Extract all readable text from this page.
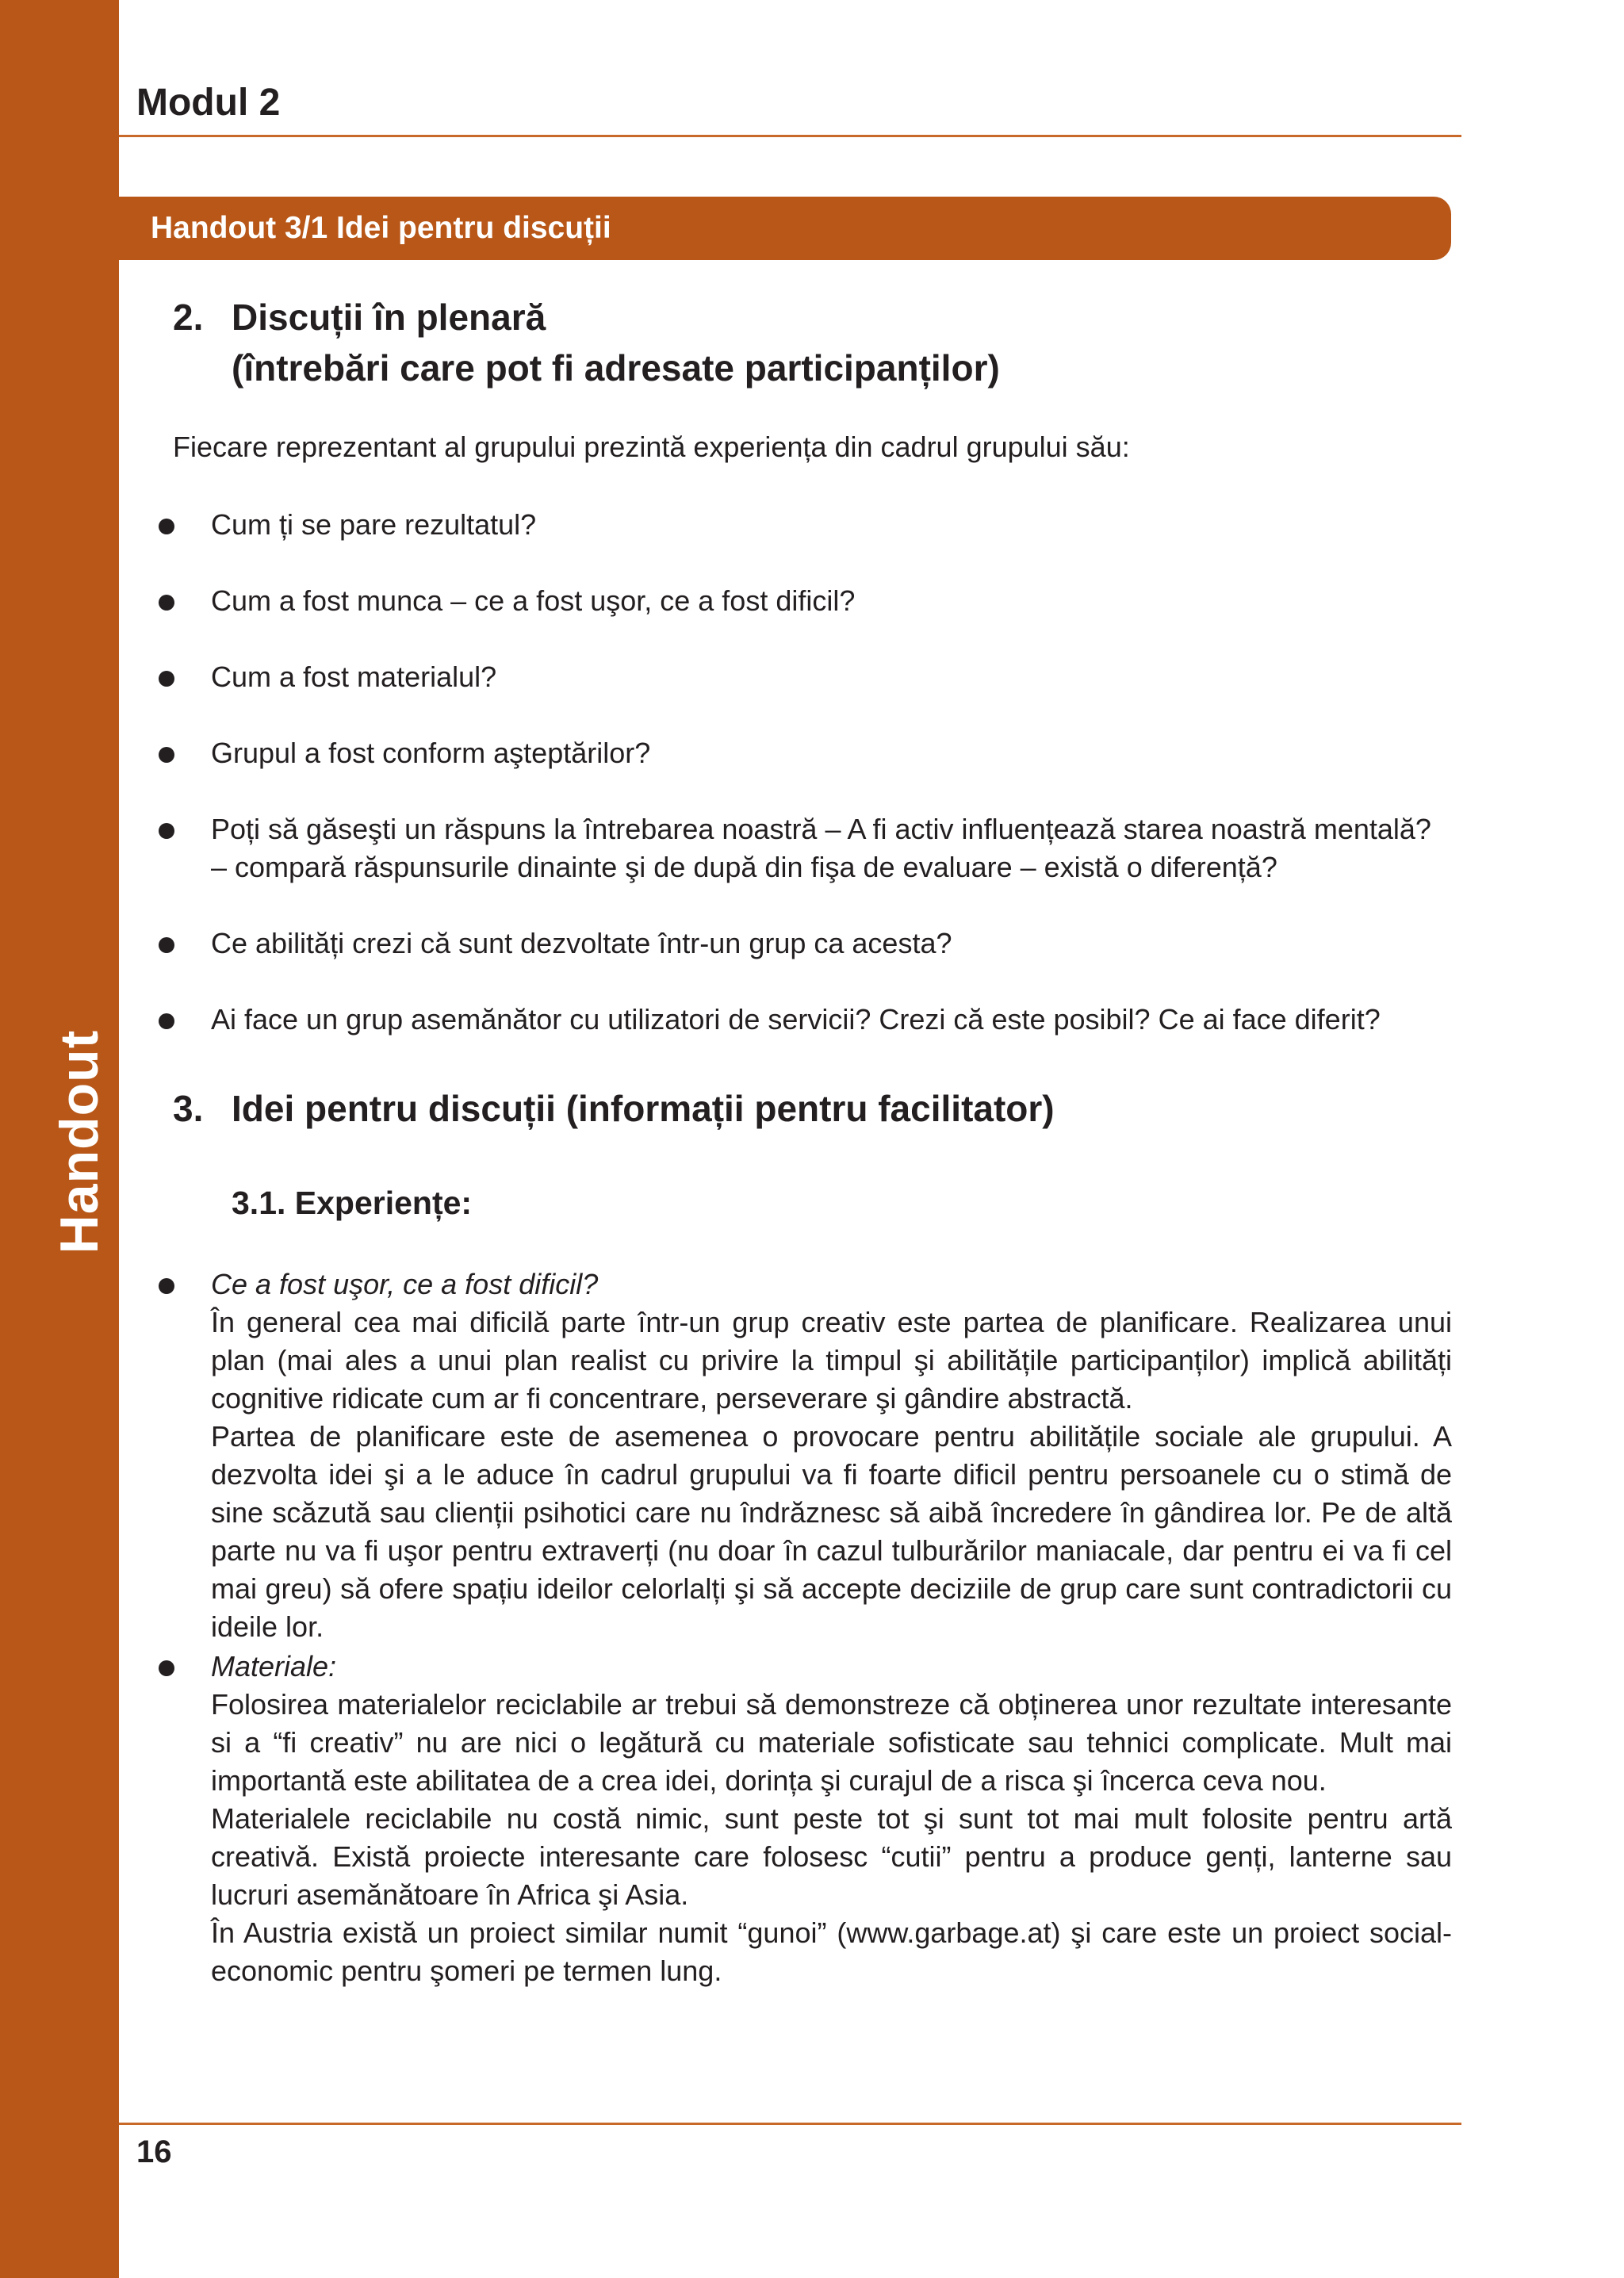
Handout
Modul 2
Handout 3/1 Idei pentru discuții
2. Discuții în plenară
(întrebări care pot fi adresate participanților)
Fiecare reprezentant al grupului prezintă experiența din cadrul grupului său:
Cum ți se pare rezultatul?
Cum a fost munca – ce a fost uşor, ce a fost dificil?
Cum a fost materialul?
Grupul a fost conform aşteptărilor?
Poți să găseşti un răspuns la întrebarea noastră – A fi activ influențează starea noastră mentală?
– compară răspunsurile dinainte şi de după din fişa de evaluare – există o diferență?
Ce abilități crezi că sunt dezvoltate într-un grup ca acesta?
Ai face un grup asemănător cu utilizatori de servicii? Crezi că este posibil? Ce ai face diferit?
3. Idei pentru discuții (informații pentru facilitator)
3.1. Experiențe:

Ce a fost uşor, ce a fost dificil?

În general cea mai dificilă parte într-un grup creativ este partea de planificare. Realizarea unui plan (mai ales a unui plan realist cu privire la timpul şi abilitățile participanților) implică abilități cognitive ridicate cum ar fi concentrare, perseverare şi gândire abstractă.

Partea de planificare este de asemenea o provocare pentru abilitățile sociale ale grupului. A dezvolta idei şi a le aduce în cadrul grupului va fi foarte dificil pentru persoanele cu o stimă de sine scăzută sau clienții psihotici care nu îndrăznesc să aibă încredere în gândirea lor. Pe de altă parte nu va fi uşor pentru extraverți (nu doar în cazul tulburărilor maniacale, dar pentru ei va fi cel mai greu) să ofere spațiu ideilor celorlalți şi să accepte deciziile de grup care sunt contradictorii cu ideile lor.

Materiale:

Folosirea materialelor reciclabile ar trebui să demonstreze că obținerea unor rezultate interesante si a “fi creativ” nu are nici o legătură cu materiale sofisticate sau tehnici complicate. Mult mai importantă este abilitatea de a crea idei, dorința şi curajul de a risca şi încerca ceva nou.

Materialele reciclabile nu costă nimic, sunt peste tot şi sunt tot mai mult folosite pentru artă creativă. Există proiecte interesante care folosesc “cutii” pentru a produce genți, lanterne sau lucruri asemănătoare în Africa şi Asia.

În Austria există un proiect similar numit “gunoi” (www.garbage.at) şi care este un proiect social-economic pentru şomeri pe termen lung.

16
